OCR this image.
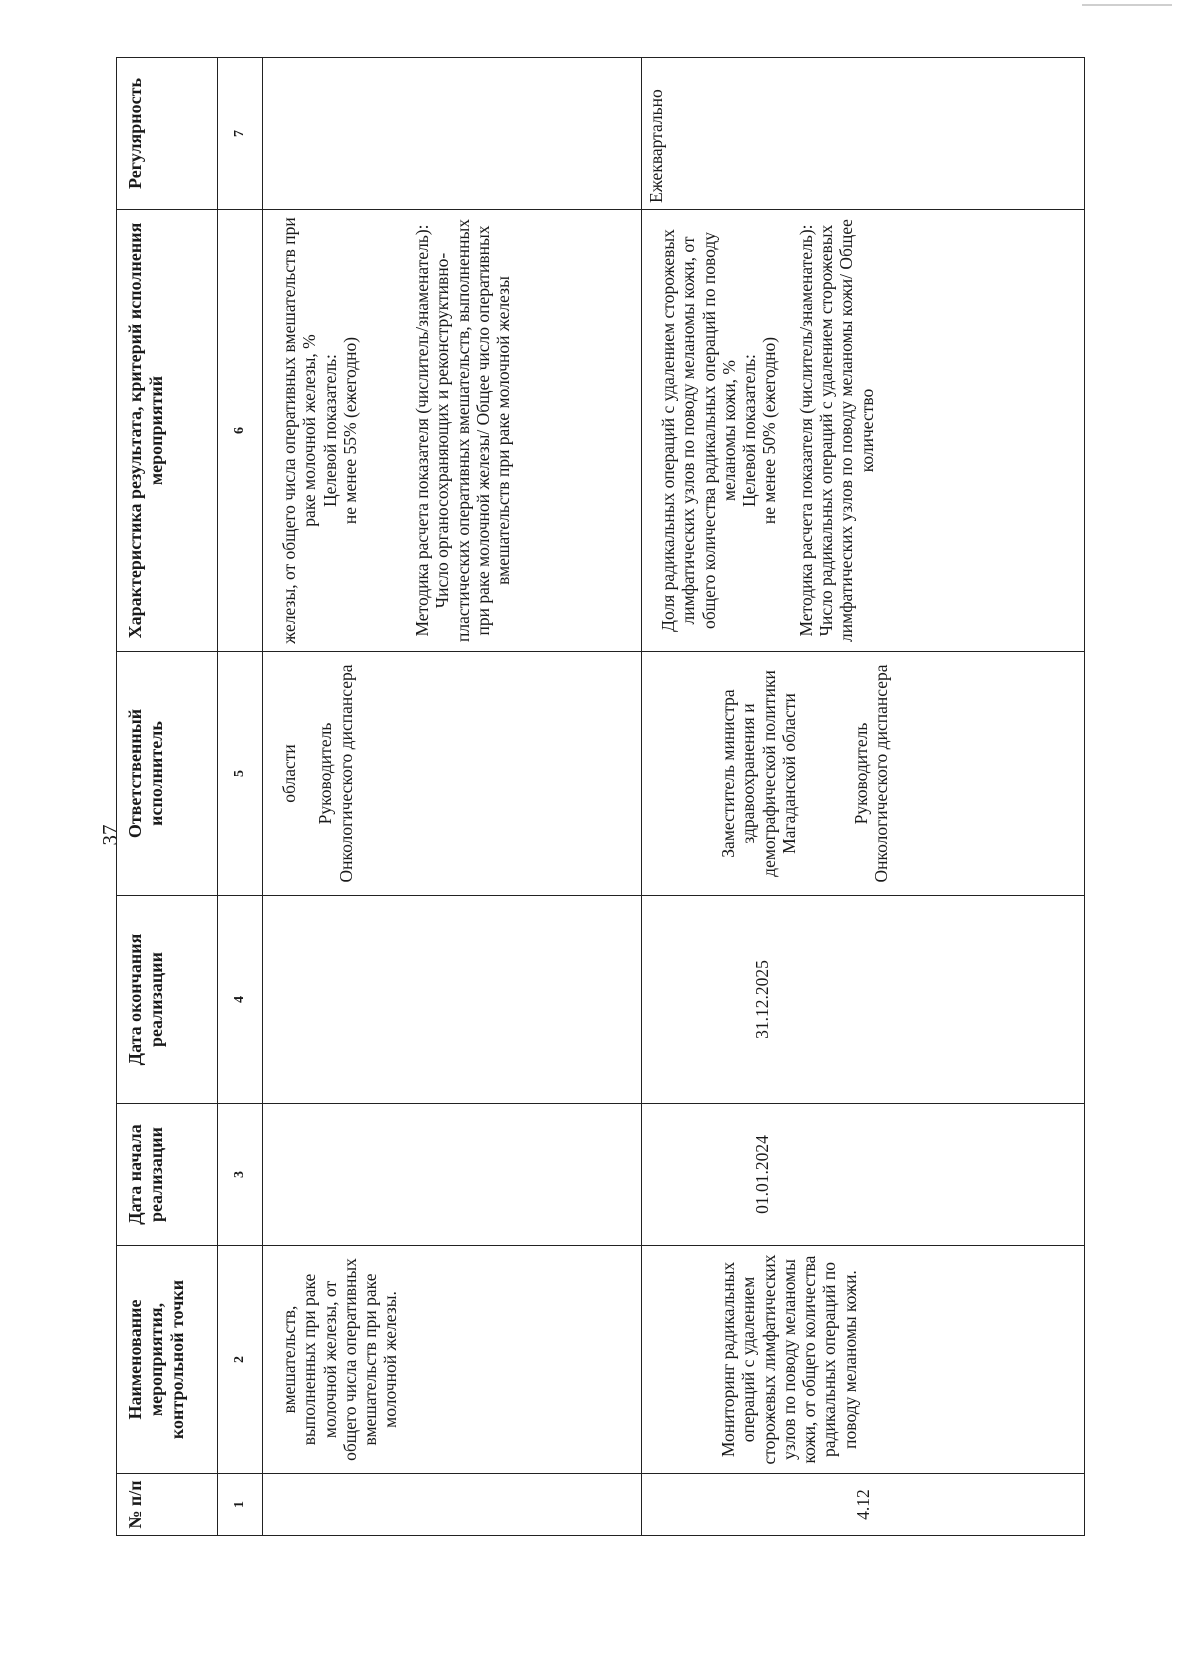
37
№ п/п	Наименование мероприятия, контрольной точки	Дата начала реализации	Дата окончания реализации	Ответственный исполнитель	Характеристика результата, критерий исполнения мероприятий	Регулярность
1	2	3	4	5	6	7

	вмешательств, выполненных при раке молочной железы, от общего числа оперативных вмешательств при раке молочной железы.			области Руководитель Онкологического диспансера	железы, от общего числа оперативных вмешательств при раке молочной железы, % Целевой показатель: не менее 55% (ежегодно) Методика расчета показателя (числитель/знаменатель): Число органосохраняющих и реконструктивно-пластических оперативных вмешательств, выполненных при раке молочной железы/ Общее число оперативных вмешательств при раке молочной железы	

4.12	Мониторинг радикальных операций с удалением сторожевых лимфатических узлов по поводу меланомы кожи, от общего количества радикальных операций по поводу меланомы кожи.	01.01.2024	31.12.2025	Заместитель министра здравоохранения и демографической политики Магаданской области Руководитель Онкологического диспансера	Доля радикальных операций с удалением сторожевых лимфатических узлов по поводу меланомы кожи, от общего количества радикальных операций по поводу меланомы кожи, % Целевой показатель: не менее 50% (ежегодно) Методика расчета показателя (числитель/знаменатель): Число радикальных операций с удалением сторожевых лимфатических узлов по поводу меланомы кожи/ Общее количество	Ежеквартально
